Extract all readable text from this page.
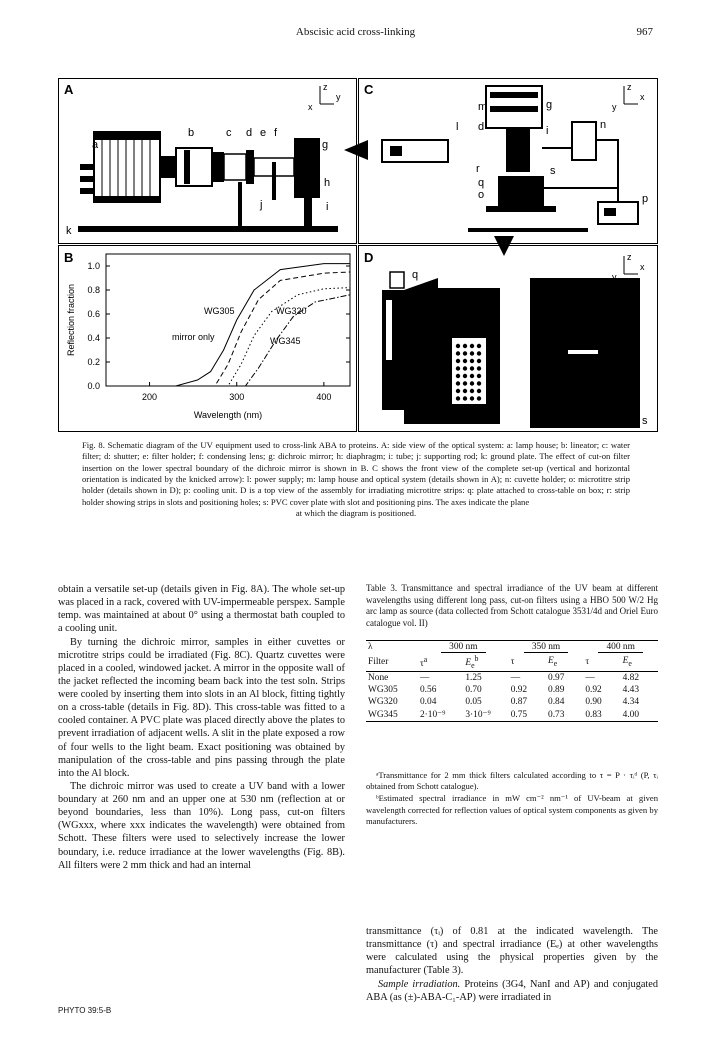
Abscisic acid cross-linking	967
A	C
B	D
a
b	c d e f
g
h
i
j
k
z
y
x
l
m	g
n
d	i
r	s
q
o	p
z
x
y
0.0
0.2
0.4
0.6
0.8
1.0
200	300	400
Wavelength (nm)
Reflection fraction	WG305	WG320
WG345
mirror only
q
r	s
z
x
y
Fig. 8. Schematic diagram of the UV equipment used to cross-link ABA to proteins. A: side view of the optical system: a: lamp house; b: lineator; c: water filter; d: shutter; e: filter holder; f: condensing lens; g: dichroic mirror; h: diaphragm; i: tube; j: supporting rod; k: ground plate. The effect of cut-on filter insertion on the lower spectral boundary of the dichroic mirror is shown in B. C shows the front view of the complete set-up (vertical and horizontal orientation is indicated by the knicked arrow): l: power supply; m: lamp house and optical system (details shown in A); n: cuvette holder; o: microtitre strip holder (details shown in D); p: cooling unit. D is a top view of the assembly for irradiating microtitre strips: q: plate attached to cross-table on box; r: strip holder showing strips in slots and positioning holes; s: PVC cover plate with slot and positioning pins. The axes indicate the plane
at which the diagram is positioned.

obtain a versatile set-up (details given in Fig. 8A). The whole set-up was placed in a rack, covered with UV-impermeable perspex. Sample temp. was maintained at about 0° using a thermostat bath coupled to a cooling unit.

By turning the dichroic mirror, samples in either cuvettes or microtitre strips could be irradiated (Fig. 8C). Quartz cuvettes were placed in a cooled, windowed jacket. A mirror in the opposite wall of the jacket reflected the incoming beam back into the test soln. Strips were cooled by inserting them into slots in an Al block, fitting tightly on a cross-table (details in Fig. 8D). This cross-table was fitted to a cooled container. A PVC plate was placed directly above the plates to prevent irradiation of adjacent wells. A slit in the plate exposed a row of four wells to the light beam. Exact positioning was obtained by manipulation of the cross-table and pins passing through the plate into the Al block.

The dichroic mirror was used to create a UV band with a lower boundary at 260 nm and an upper one at 530 nm (reflection at or beyond boundaries, less than 10%). Long pass, cut-on filters (WGxxx, where xxx indicates the wavelength) were obtained from Schott. These filters were used to selectively increase the lower boundary, i.e. reduce irradiance at the lower wavelengths (Fig. 8B). All filters were 2 mm thick and had an internal

Table 3. Transmittance and spectral irradiance of the UV beam at different wavelengths using different long pass, cut-on filters using a HBO 500 W/2 Hg arc lamp as source (data collected from Schott catalogue 3531/4d and Oriel Euro catalogue vol. II)
λ	300 nm		350 nm		400 nm	
Filter	$\tau^a$	$E_e^b$	τ	$E_e$	τ	$E_e$
None	—	1.25	—	0.97	—	4.82
WG305	0.56	0.70	0.92	0.89	0.92	4.43
WG320	0.04	0.05	0.87	0.84	0.90	4.34
WG345	2·10⁻⁹	3·10⁻⁹	0.75	0.73	0.83	4.00

ᵃTransmittance for 2 mm thick filters calculated according to τ = P · τᵢᵈ (P, τᵢ obtained from Schott catalogue).

ᵇEstimated spectral irradiance in mW cm⁻² nm⁻¹ of UV-beam at given wavelength corrected for reflection values of optical system components as given by manufacturers.

transmittance (τᵢ) of 0.81 at the indicated wavelength. The transmittance (τ) and spectral irradiance (Eₑ) at other wavelengths were calculated using the physical properties given by the manufacturer (Table 3).
Sample irradiation. Proteins (3G4, NanI and AP) and conjugated ABA (as (±)-ABA-C₁-AP) were irradiated in
PHYTO 39:5-B
